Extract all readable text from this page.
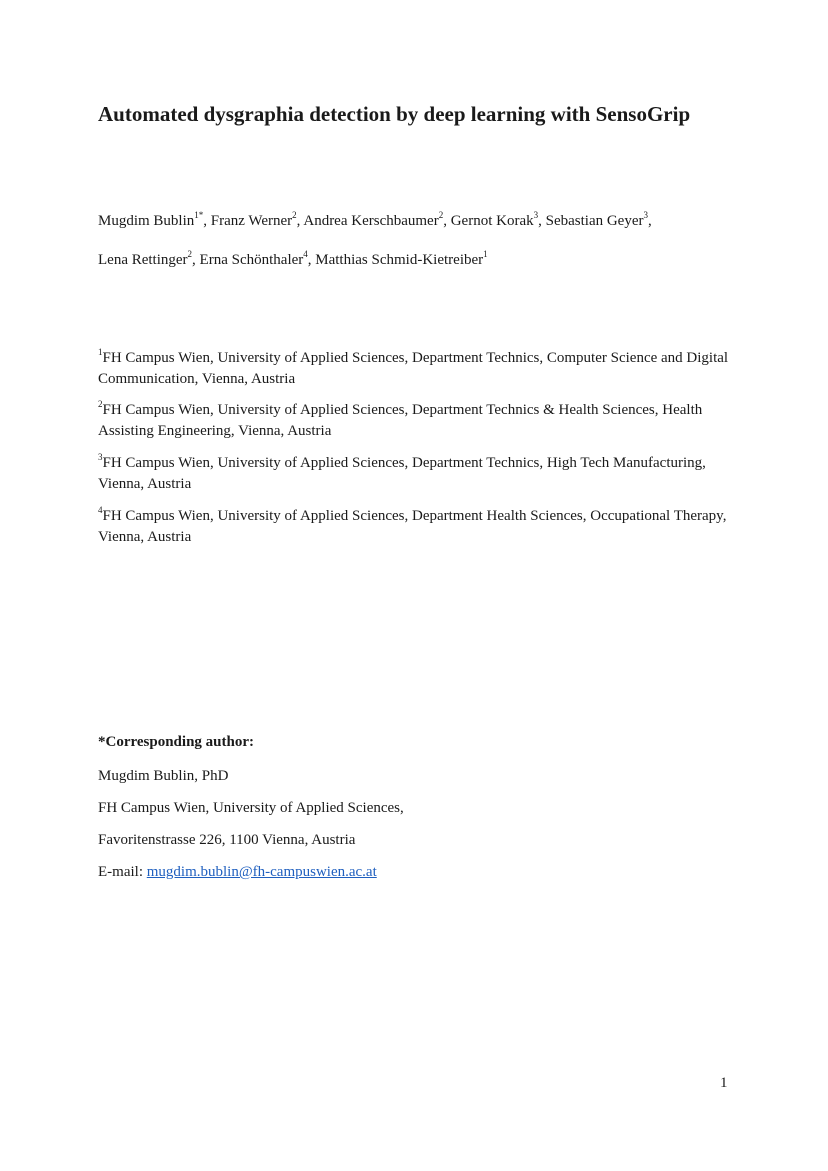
Automated dysgraphia detection by deep learning with SensoGrip
Mugdim Bublin$^{1*}$, Franz Werner$^2$, Andrea Kerschbaumer$^2$, Gernot Korak$^3$, Sebastian Geyer$^3$,
Lena Rettinger$^2$, Erna Schönthaler$^4$, Matthias Schmid-Kietreiber$^1$
$^1$FH Campus Wien, University of Applied Sciences, Department Technics, Computer Science and Digital Communication, Vienna, Austria
$^2$FH Campus Wien, University of Applied Sciences, Department Technics & Health Sciences, Health Assisting Engineering, Vienna, Austria
$^3$FH Campus Wien, University of Applied Sciences, Department Technics, High Tech Manufacturing, Vienna, Austria
$^4$FH Campus Wien, University of Applied Sciences, Department Health Sciences, Occupational Therapy, Vienna, Austria
*Corresponding author:
Mugdim Bublin, PhD
FH Campus Wien, University of Applied Sciences,
Favoritenstrasse 226, 1100 Vienna, Austria
E-mail: mugdim.bublin@fh-campuswien.ac.at
1
